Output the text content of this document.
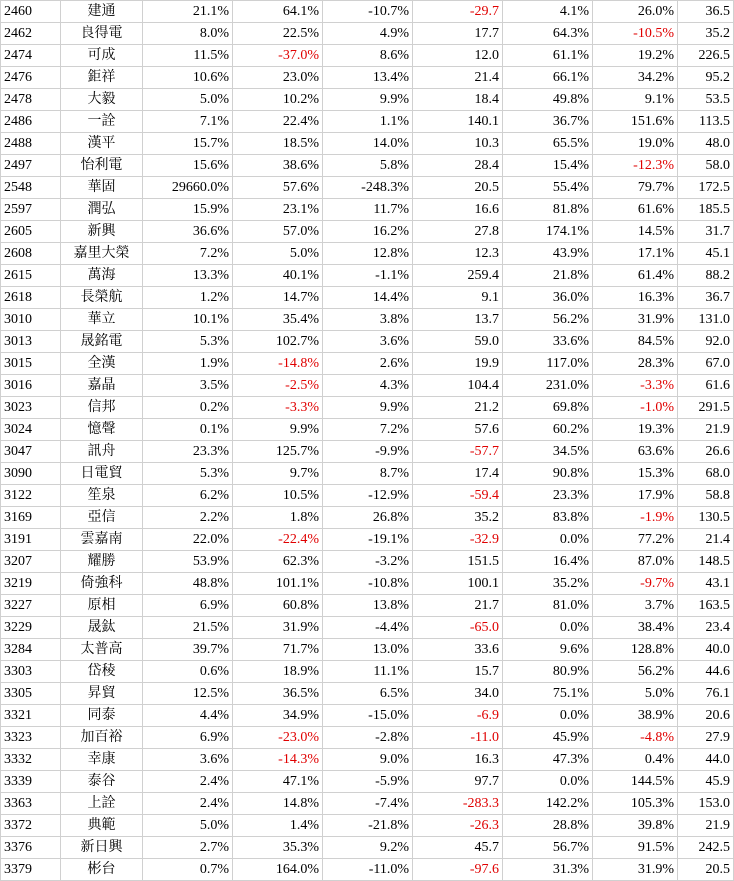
2460	建通	21.1%	64.1%	-10.7%	-29.7	4.1%	26.0%	36.5
2462	良得電	8.0%	22.5%	4.9%	17.7	64.3%	-10.5%	35.2
2474	可成	11.5%	-37.0%	8.6%	12.0	61.1%	19.2%	226.5
2476	鉅祥	10.6%	23.0%	13.4%	21.4	66.1%	34.2%	95.2
2478	大毅	5.0%	10.2%	9.9%	18.4	49.8%	9.1%	53.5
2486	一詮	7.1%	22.4%	1.1%	140.1	36.7%	151.6%	113.5
2488	漢平	15.7%	18.5%	14.0%	10.3	65.5%	19.0%	48.0
2497	怡利電	15.6%	38.6%	5.8%	28.4	15.4%	-12.3%	58.0
2548	華固	29660.0%	57.6%	-248.3%	20.5	55.4%	79.7%	172.5
2597	潤弘	15.9%	23.1%	11.7%	16.6	81.8%	61.6%	185.5
2605	新興	36.6%	57.0%	16.2%	27.8	174.1%	14.5%	31.7
2608	嘉里大榮	7.2%	5.0%	12.8%	12.3	43.9%	17.1%	45.1
2615	萬海	13.3%	40.1%	-1.1%	259.4	21.8%	61.4%	88.2
2618	長榮航	1.2%	14.7%	14.4%	9.1	36.0%	16.3%	36.7
3010	華立	10.1%	35.4%	3.8%	13.7	56.2%	31.9%	131.0
3013	晟銘電	5.3%	102.7%	3.6%	59.0	33.6%	84.5%	92.0
3015	全漢	1.9%	-14.8%	2.6%	19.9	117.0%	28.3%	67.0
3016	嘉晶	3.5%	-2.5%	4.3%	104.4	231.0%	-3.3%	61.6
3023	信邦	0.2%	-3.3%	9.9%	21.2	69.8%	-1.0%	291.5
3024	憶聲	0.1%	9.9%	7.2%	57.6	60.2%	19.3%	21.9
3047	訊舟	23.3%	125.7%	-9.9%	-57.7	34.5%	63.6%	26.6
3090	日電貿	5.3%	9.7%	8.7%	17.4	90.8%	15.3%	68.0
3122	笙泉	6.2%	10.5%	-12.9%	-59.4	23.3%	17.9%	58.8
3169	亞信	2.2%	1.8%	26.8%	35.2	83.8%	-1.9%	130.5
3191	雲嘉南	22.0%	-22.4%	-19.1%	-32.9	0.0%	77.2%	21.4
3207	耀勝	53.9%	62.3%	-3.2%	151.5	16.4%	87.0%	148.5
3219	倚強科	48.8%	101.1%	-10.8%	100.1	35.2%	-9.7%	43.1
3227	原相	6.9%	60.8%	13.8%	21.7	81.0%	3.7%	163.5
3229	晟鈦	21.5%	31.9%	-4.4%	-65.0	0.0%	38.4%	23.4
3284	太普高	39.7%	71.7%	13.0%	33.6	9.6%	128.8%	40.0
3303	岱稜	0.6%	18.9%	11.1%	15.7	80.9%	56.2%	44.6
3305	昇貿	12.5%	36.5%	6.5%	34.0	75.1%	5.0%	76.1
3321	同泰	4.4%	34.9%	-15.0%	-6.9	0.0%	38.9%	20.6
3323	加百裕	6.9%	-23.0%	-2.8%	-11.0	45.9%	-4.8%	27.9
3332	幸康	3.6%	-14.3%	9.0%	16.3	47.3%	0.4%	44.0
3339	泰谷	2.4%	47.1%	-5.9%	97.7	0.0%	144.5%	45.9
3363	上詮	2.4%	14.8%	-7.4%	-283.3	142.2%	105.3%	153.0
3372	典範	5.0%	1.4%	-21.8%	-26.3	28.8%	39.8%	21.9
3376	新日興	2.7%	35.3%	9.2%	45.7	56.7%	91.5%	242.5
3379	彬台	0.7%	164.0%	-11.0%	-97.6	31.3%	31.9%	20.5
